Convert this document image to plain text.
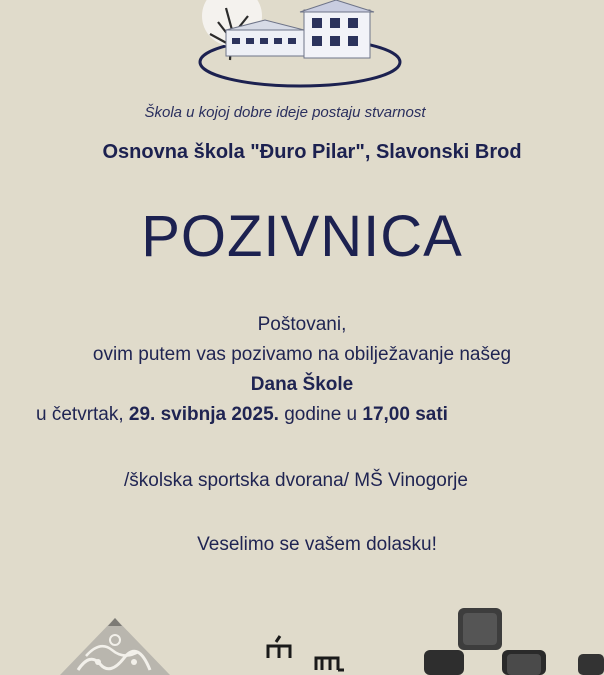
Škola u kojoj dobre ideje postaju stvarnost
Osnovna škola "Đuro Pilar", Slavonski Brod
POZIVNICA
Poštovani,
ovim putem vas pozivamo na obilježavanje našeg
Dana Škole
u četvrtak, 29. svibnja 2025. godine u 17,00 sati
/školska sportska dvorana/ MŠ Vinogorje
Veselimo se vašem dolasku!
